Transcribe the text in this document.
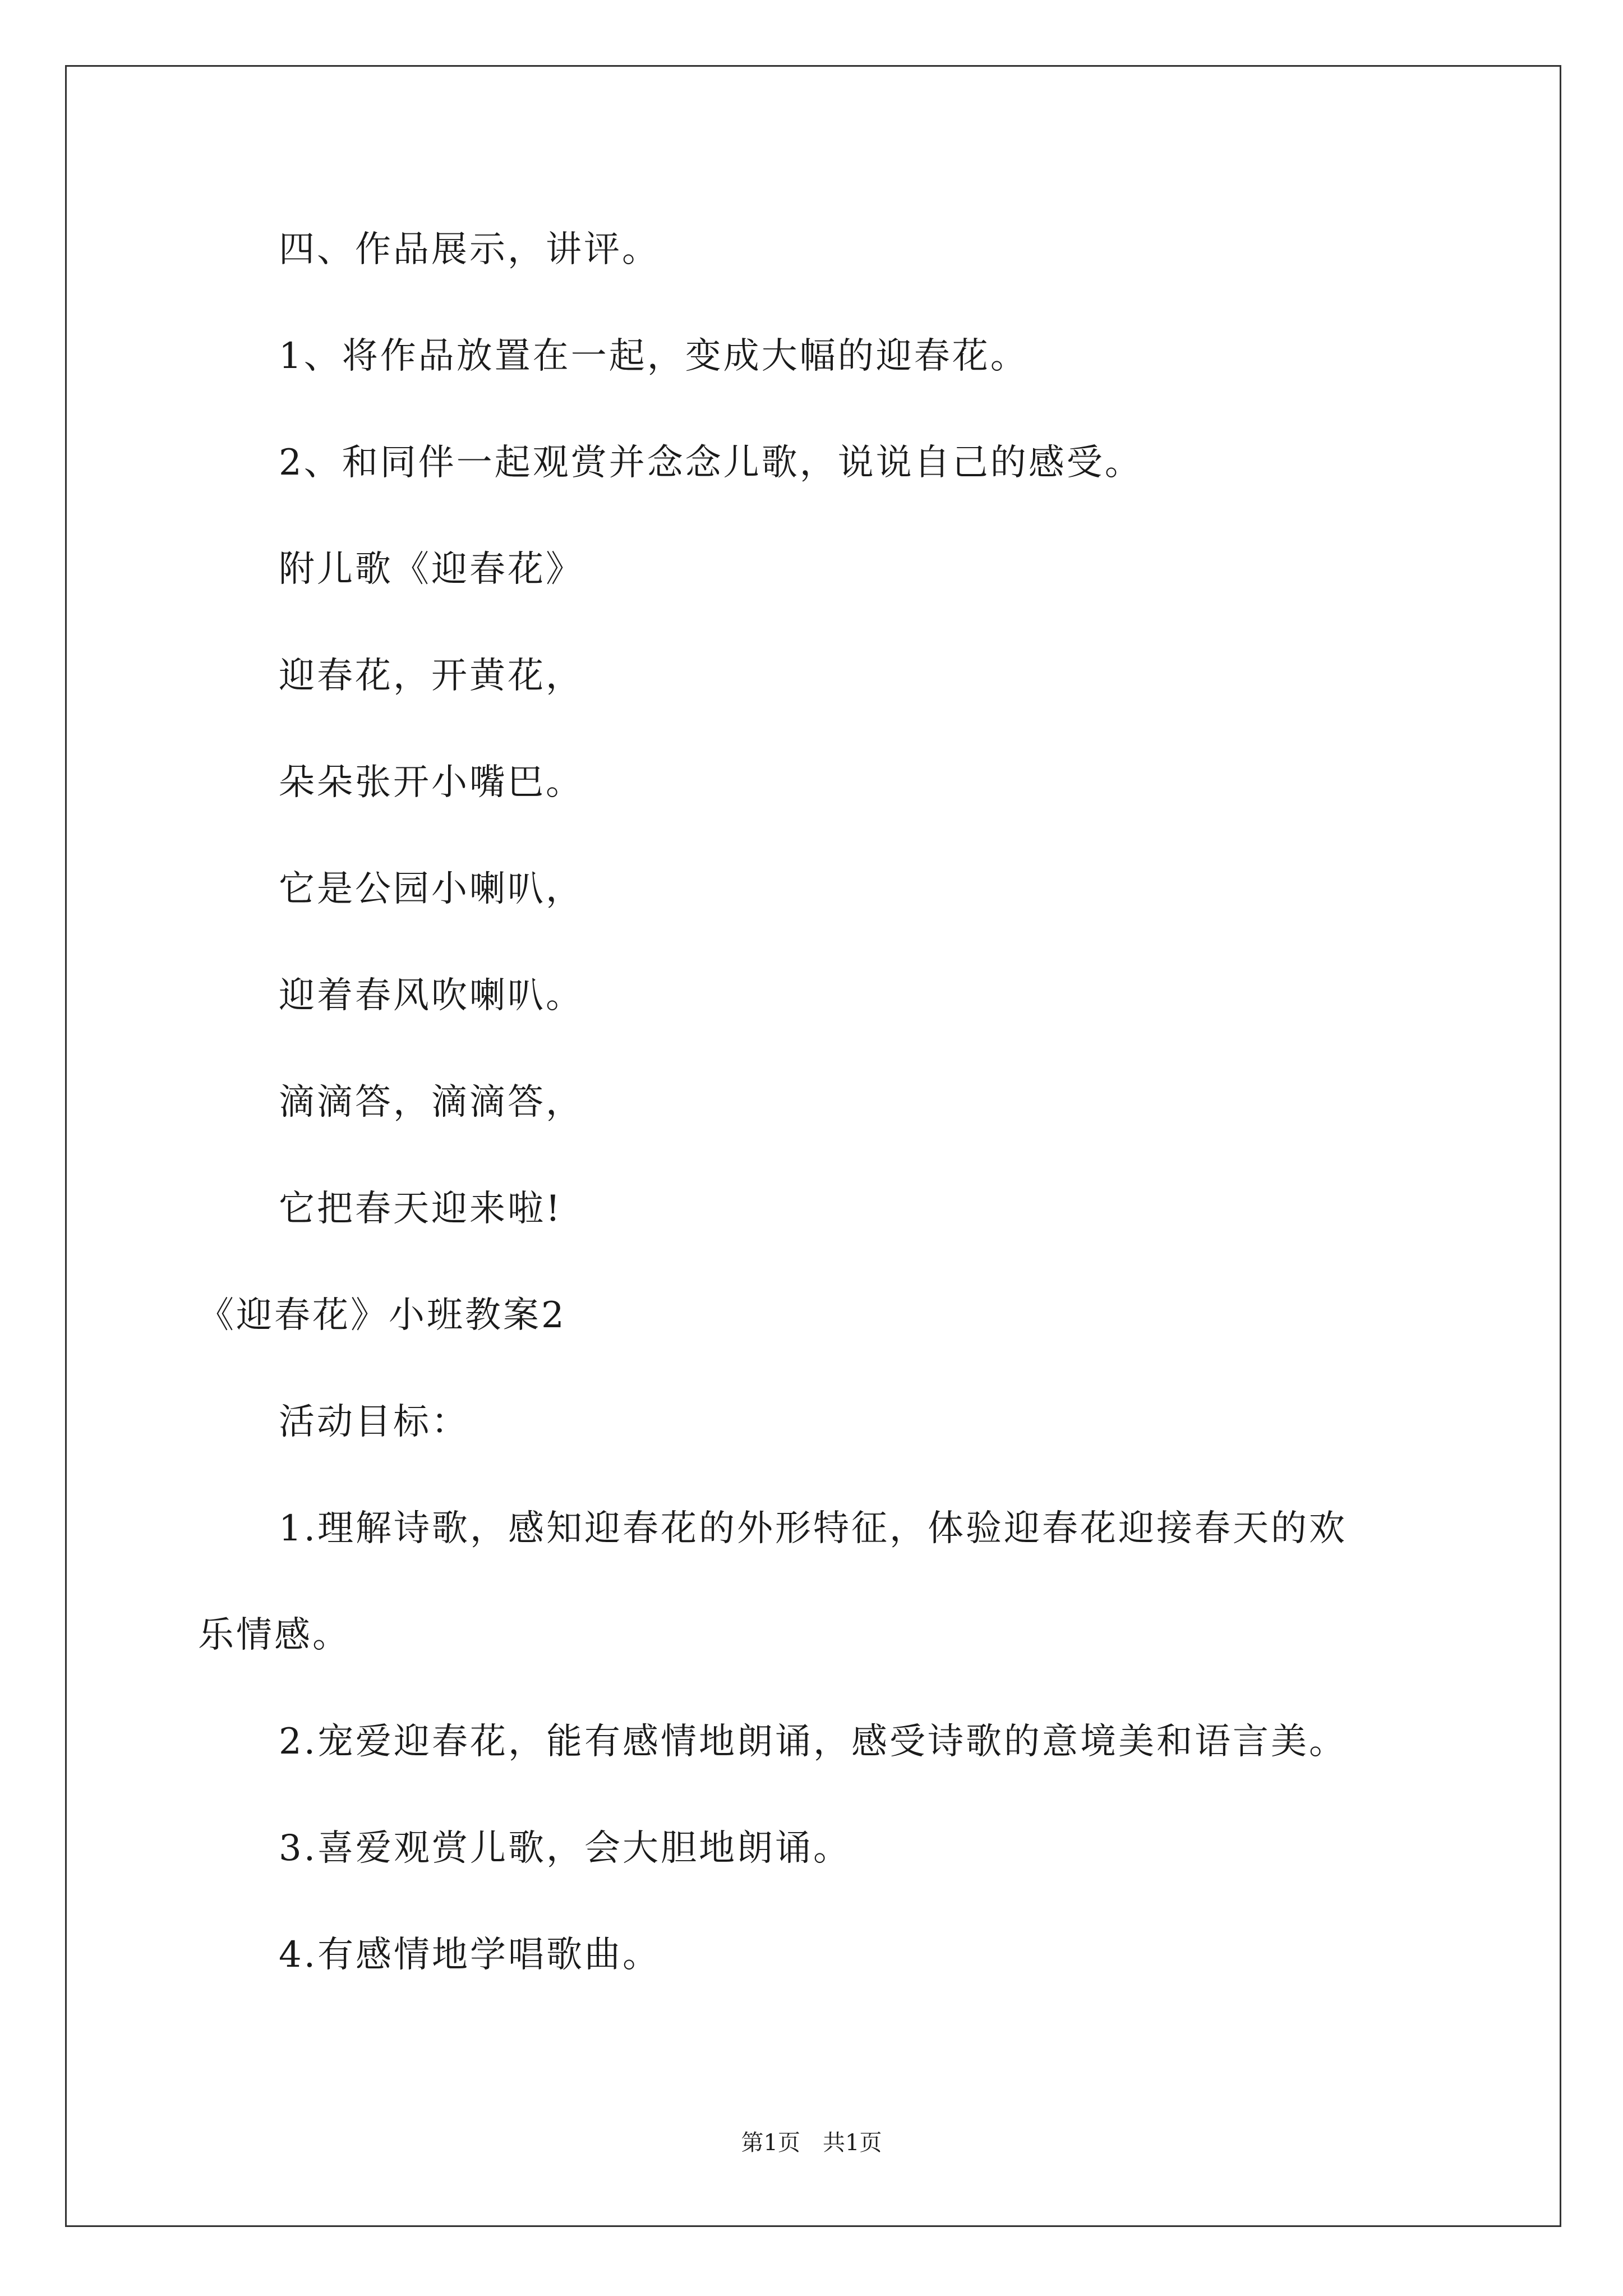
四、作品展示，讲评。
1、将作品放置在一起，变成大幅的迎春花。
2、和同伴一起观赏并念念儿歌，说说自己的感受。
附儿歌《迎春花》
迎春花，开黄花，
朵朵张开小嘴巴。
它是公园小喇叭，
迎着春风吹喇叭。
滴滴答，滴滴答，
它把春天迎来啦!
《迎春花》小班教案2
活动目标：
1.理解诗歌，感知迎春花的外形特征，体验迎春花迎接春天的欢
乐情感。
2.宠爱迎春花，能有感情地朗诵，感受诗歌的意境美和语言美。
3.喜爱观赏儿歌，会大胆地朗诵。
4.有感情地学唱歌曲。
第1页　共1页
